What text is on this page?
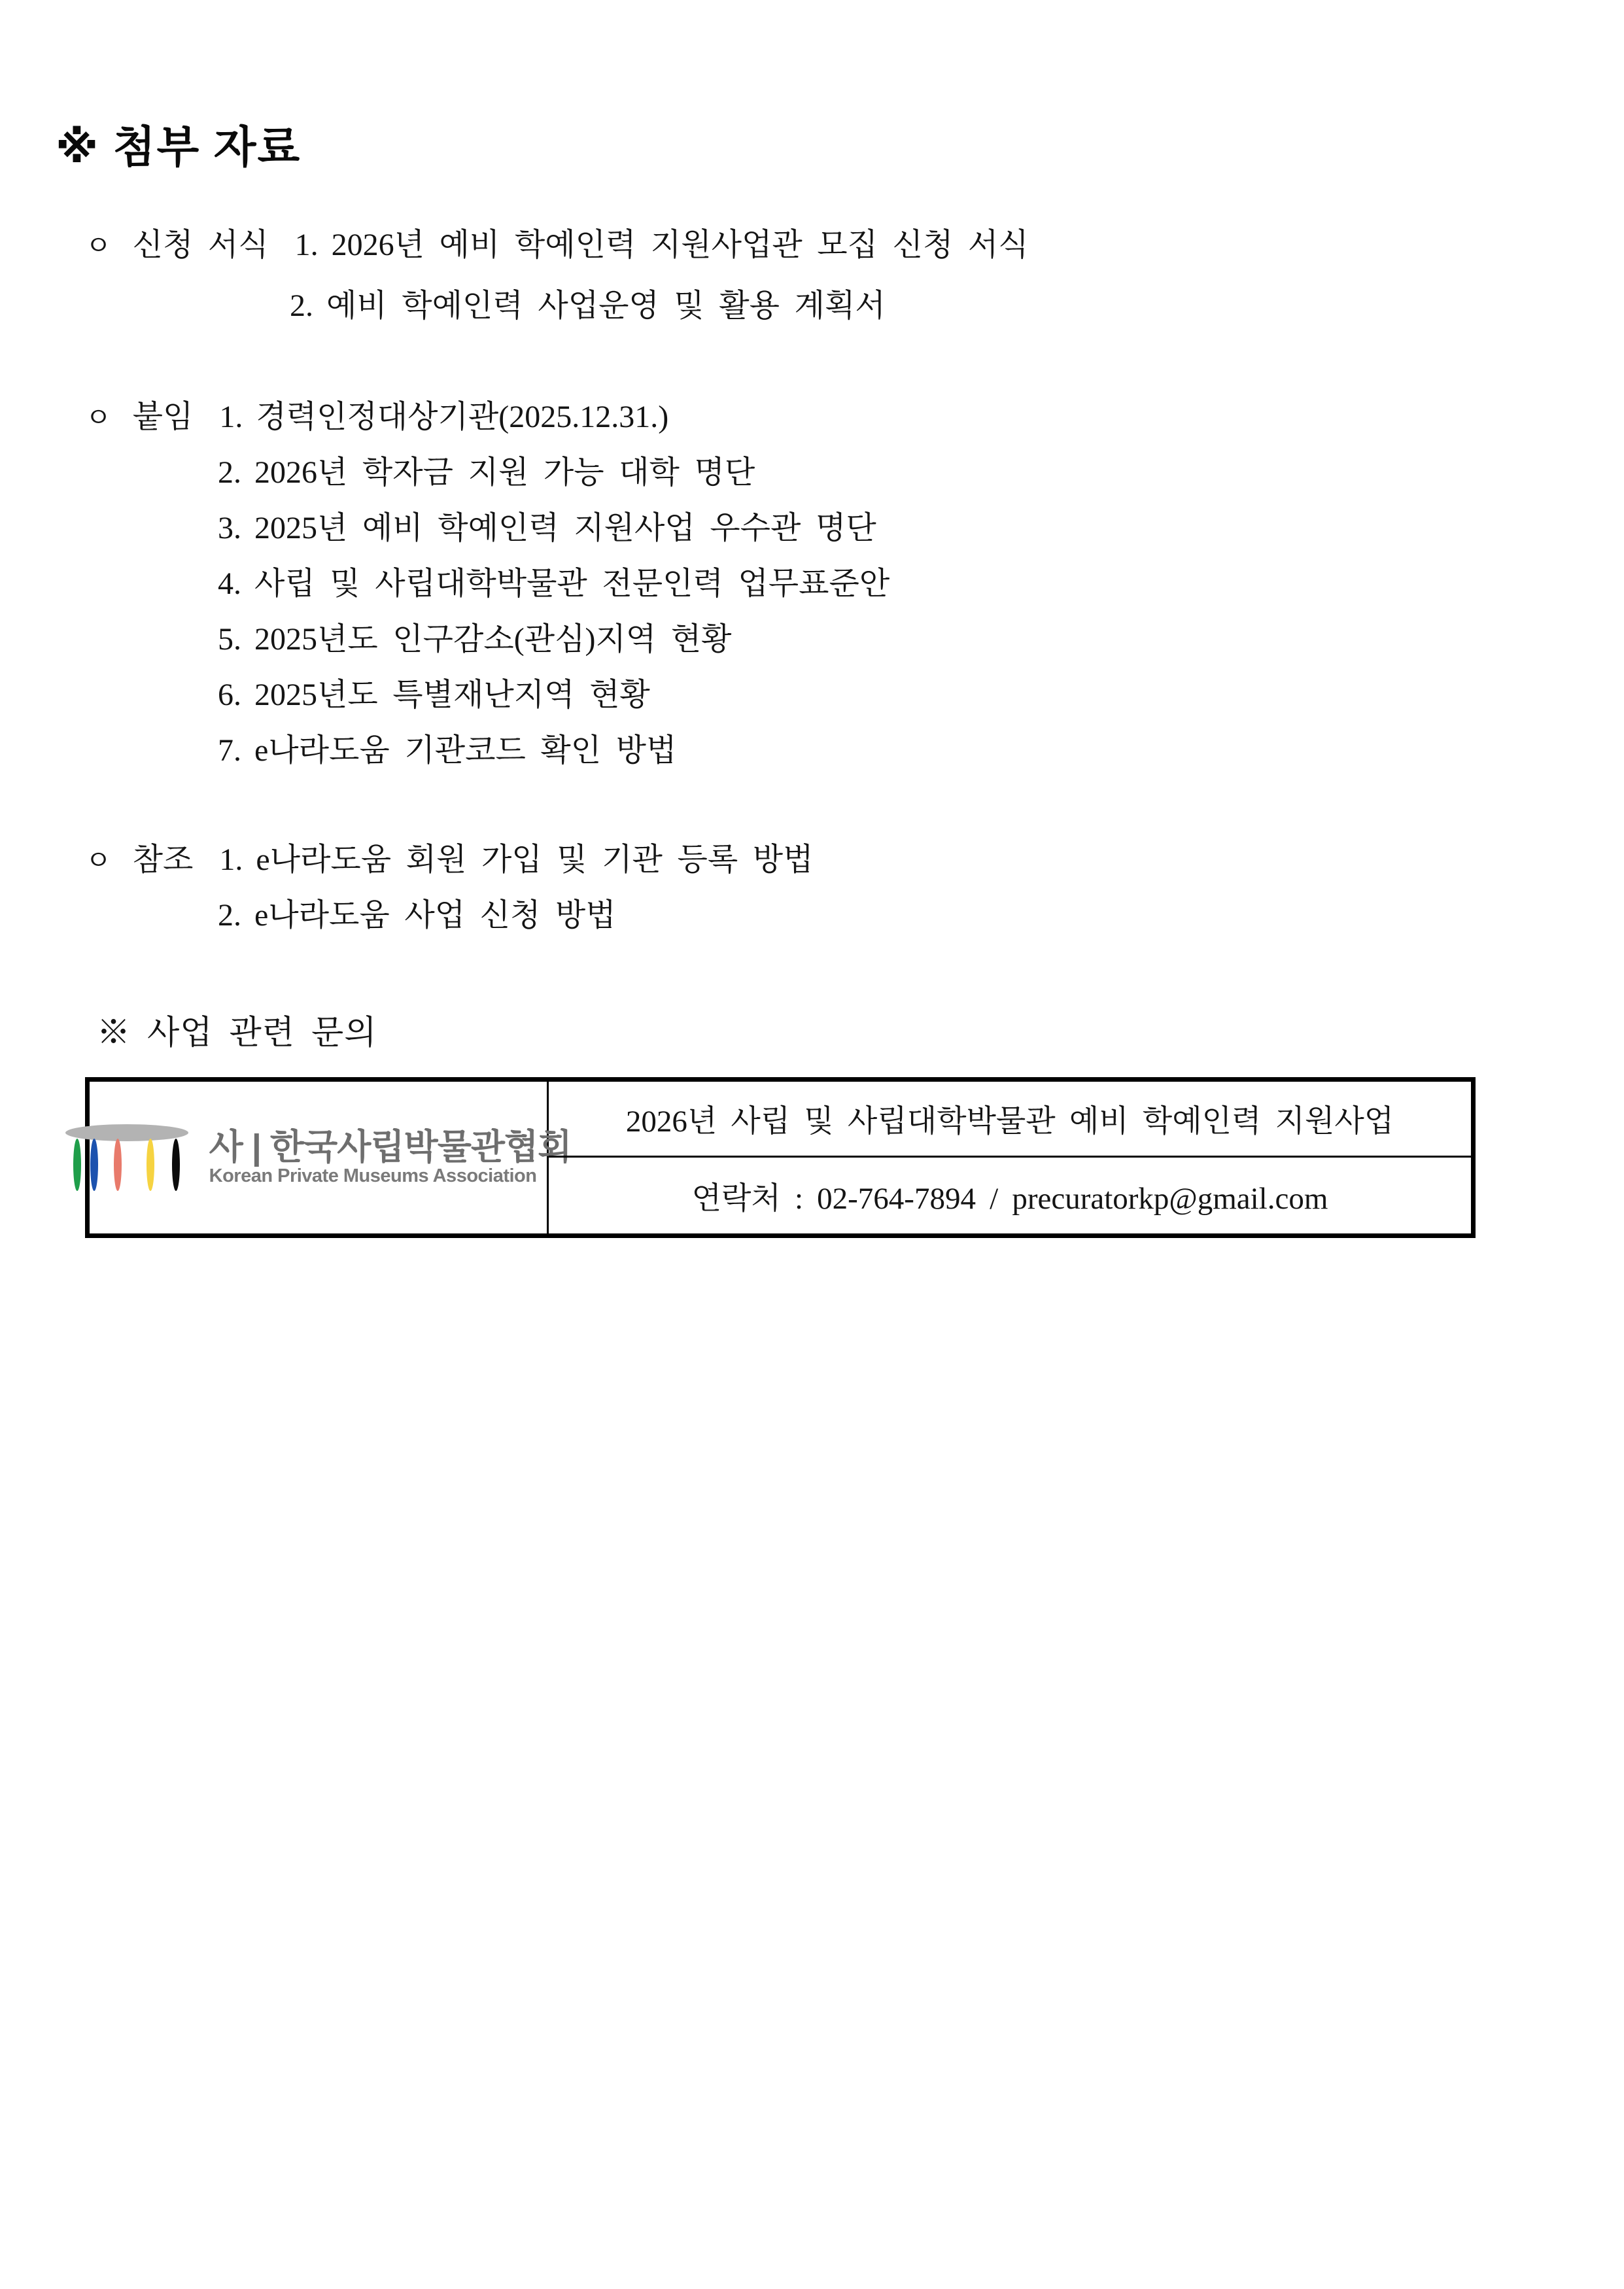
※ 첨부 자료
ㅇ 신청 서식 1. 2026년 예비 학예인력 지원사업관 모집 신청 서식
2. 예비 학예인력 사업운영 및 활용 계획서
ㅇ 붙임 1. 경력인정대상기관(2025.12.31.)
2. 2026년 학자금 지원 가능 대학 명단
3. 2025년 예비 학예인력 지원사업 우수관 명단
4. 사립 및 사립대학박물관 전문인력 업무표준안
5. 2025년도 인구감소(관심)지역 현황
6. 2025년도 특별재난지역 현황
7. e나라도움 기관코드 확인 방법
ㅇ 참조 1. e나라도움 회원 가입 및 기관 등록 방법
2. e나라도움 사업 신청 방법
※ 사업 관련 문의
사 | 한국사립박물관협회
Korean Private Museums Association
2026년 사립 및 사립대학박물관 예비 학예인력 지원사업
연락처 : 02-764-7894 / precuratorkp@gmail.com
